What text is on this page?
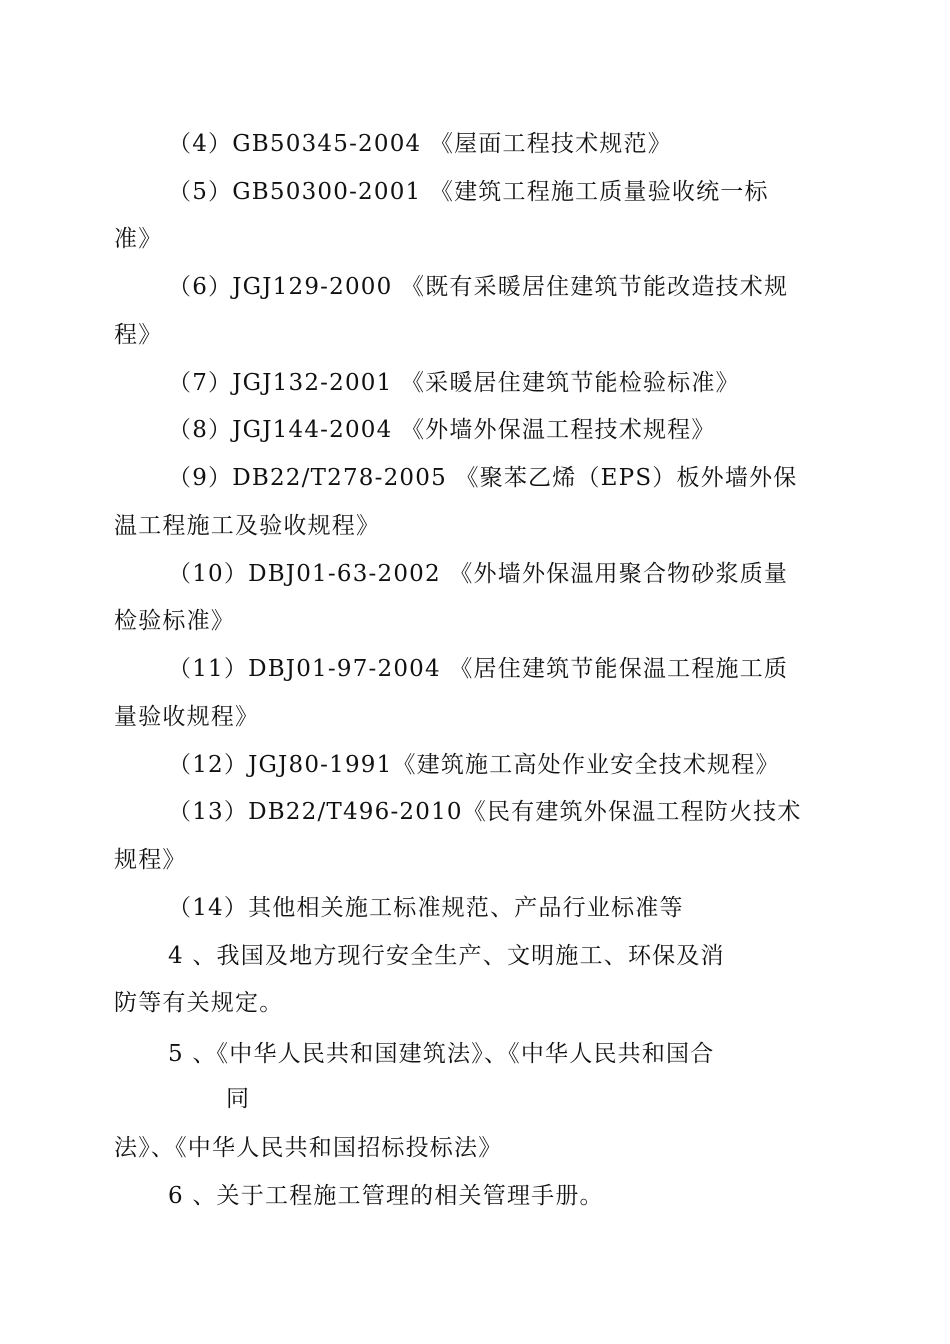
（4）GB50345-2004 《屋面工程技术规范》
（5）GB50300-2001 《建筑工程施工质量验收统一标
准》
（6）JGJ129-2000 《既有采暖居住建筑节能改造技术规
程》
（7）JGJ132-2001 《采暖居住建筑节能检验标准》
（8）JGJ144-2004 《外墙外保温工程技术规程》
（9）DB22/T278-2005 《聚苯乙烯（EPS）板外墙外保
温工程施工及验收规程》
（10）DBJ01-63-2002 《外墙外保温用聚合物砂浆质量
检验标准》
（11）DBJ01-97-2004 《居住建筑节能保温工程施工质
量验收规程》
（12）JGJ80-1991《建筑施工高处作业安全技术规程》
（13）DB22/T496-2010《民有建筑外保温工程防火技术
规程》
（14）其他相关施工标准规范、产品行业标准等
4 、我国及地方现行安全生产、文明施工、环保及消
防等有关规定。
5 、《中华人民共和国建筑法》、《中华人民共和国合
同
法》、《中华人民共和国招标投标法》
6 、关于工程施工管理的相关管理手册。
